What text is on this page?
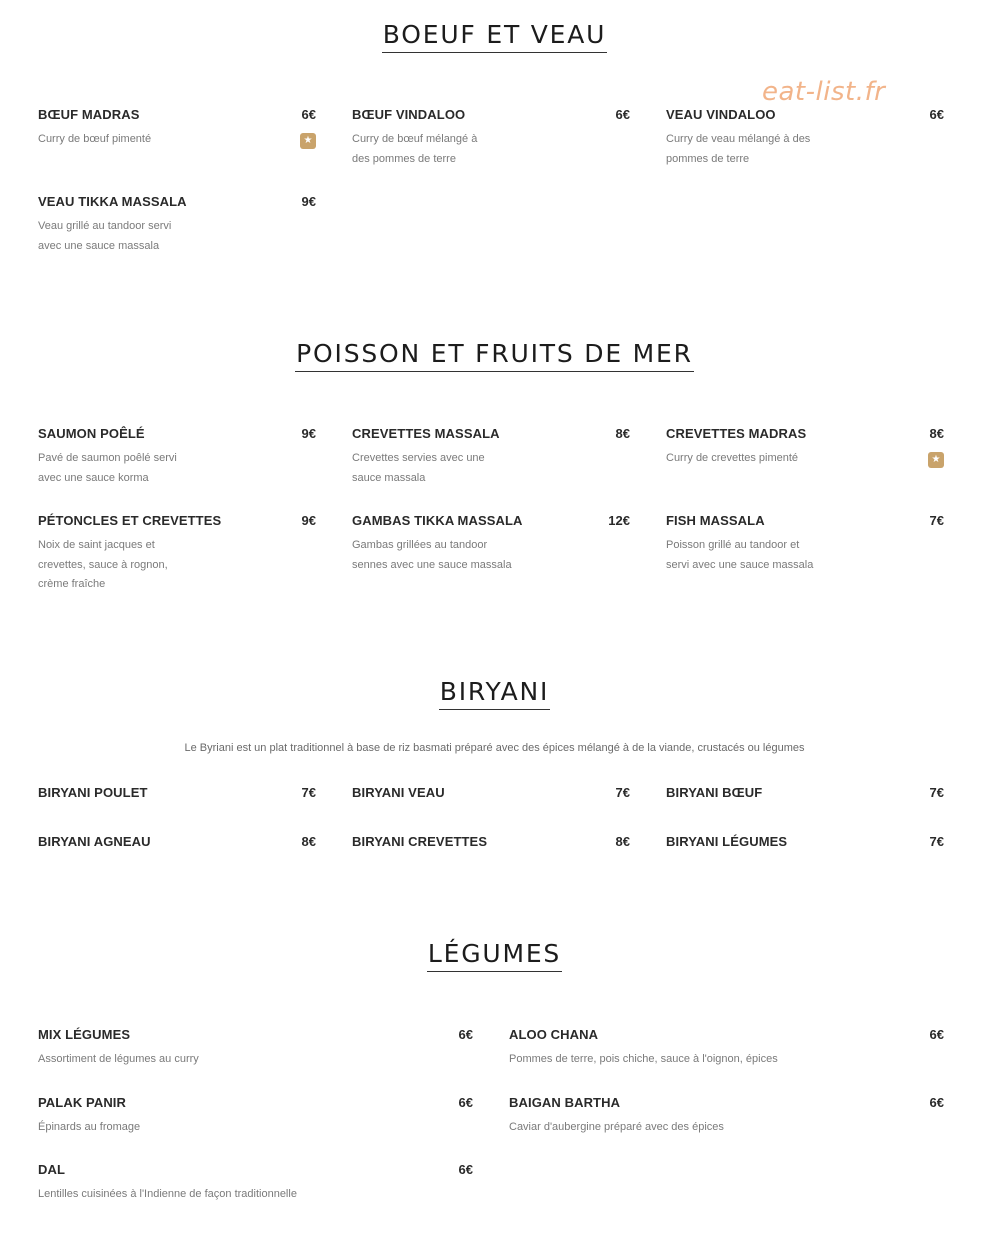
eat-list.fr
BOEUF ET VEAU
BŒUF MADRAS	6€
Curry de bœuf pimenté	★
BŒUF VINDALOO	6€
Curry de bœuf mélangé à des pommes de terre
VEAU VINDALOO	6€
Curry de veau mélangé à des pommes de terre
VEAU TIKKA MASSALA	9€
Veau grillé au tandoor servi avec une sauce massala
POISSON ET FRUITS DE MER
SAUMON POÊLÉ	9€
Pavé de saumon poêlé servi avec une sauce korma
CREVETTES MASSALA	8€
Crevettes servies avec une sauce massala
CREVETTES MADRAS	8€
Curry de crevettes pimenté	★
PÉTONCLES ET CREVETTES	9€
Noix de saint jacques et crevettes, sauce à rognon, crème fraîche
GAMBAS TIKKA MASSALA	12€
Gambas grillées au tandoor sennes avec une sauce massala
FISH MASSALA	7€
Poisson grillé au tandoor et servi avec une sauce massala
BIRYANI
Le Byriani est un plat traditionnel à base de riz basmati préparé avec des épices mélangé à de la viande, crustacés ou légumes
BIRYANI POULET	7€	BIRYANI VEAU	7€	BIRYANI BŒUF	7€
BIRYANI AGNEAU	8€	BIRYANI CREVETTES	8€	BIRYANI LÉGUMES	7€
LÉGUMES
MIX LÉGUMES	6€
Assortiment de légumes au curry
ALOO CHANA	6€
Pommes de terre, pois chiche, sauce à l'oignon, épices
PALAK PANIR	6€
Épinards au fromage
BAIGAN BARTHA	6€
Caviar d'aubergine préparé avec des épices
DAL	6€
Lentilles cuisinées à l'Indienne de façon traditionnelle
